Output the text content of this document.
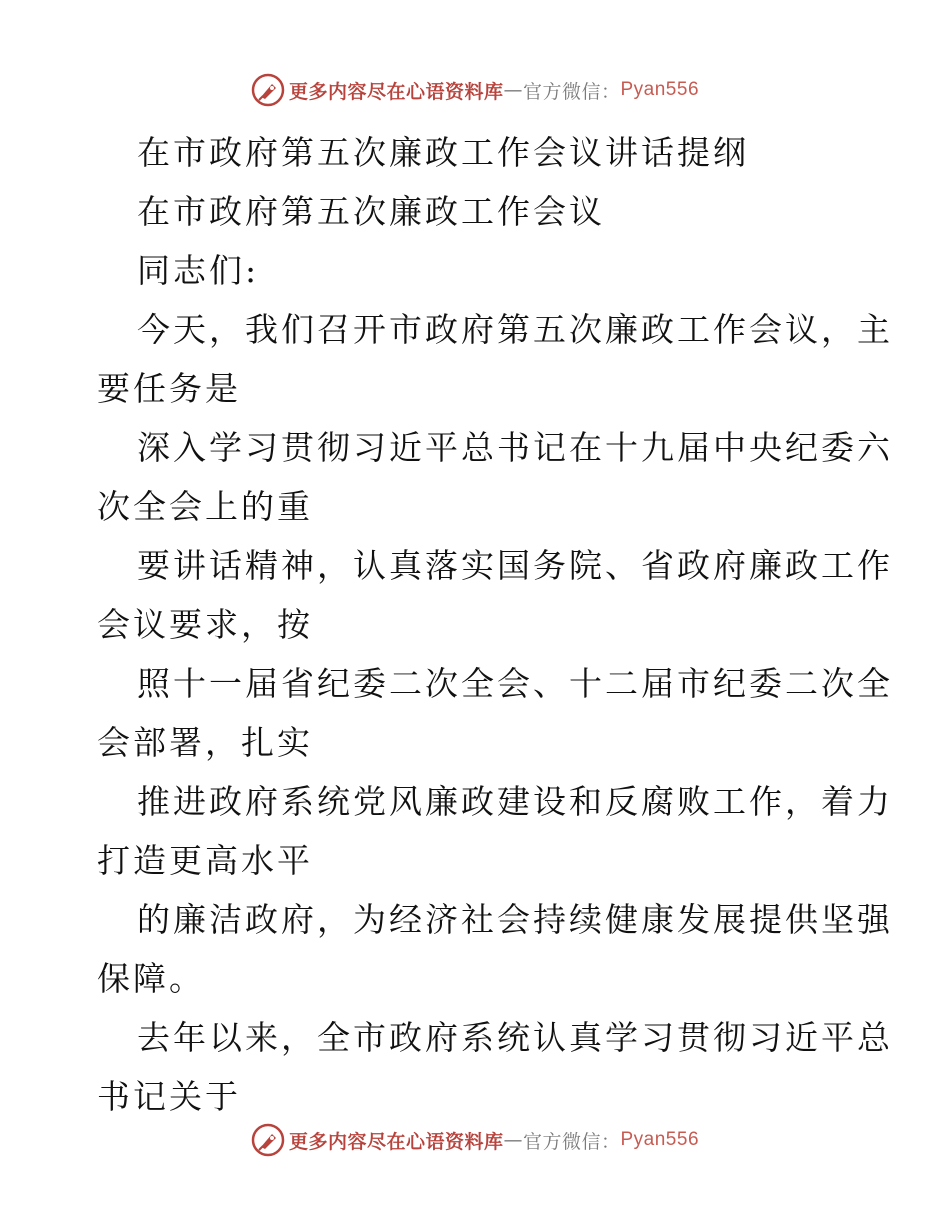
更多内容尽在心语资料库 — 官方微信： Pyan556
在市政府第五次廉政工作会议讲话提纲
在市政府第五次廉政工作会议
同志们:
今天，我们召开市政府第五次廉政工作会议，主
要任务是
深入学习贯彻习近平总书记在十九届中央纪委六
次全会上的重
要讲话精神，认真落实国务院、省政府廉政工作
会议要求，按
照十一届省纪委二次全会、十二届市纪委二次全
会部署，扎实
推进政府系统党风廉政建设和反腐败工作，着力
打造更高水平
的廉洁政府，为经济社会持续健康发展提供坚强
保障。
去年以来，全市政府系统认真学习贯彻习近平总
书记关于
更多内容尽在心语资料库 — 官方微信： Pyan556
